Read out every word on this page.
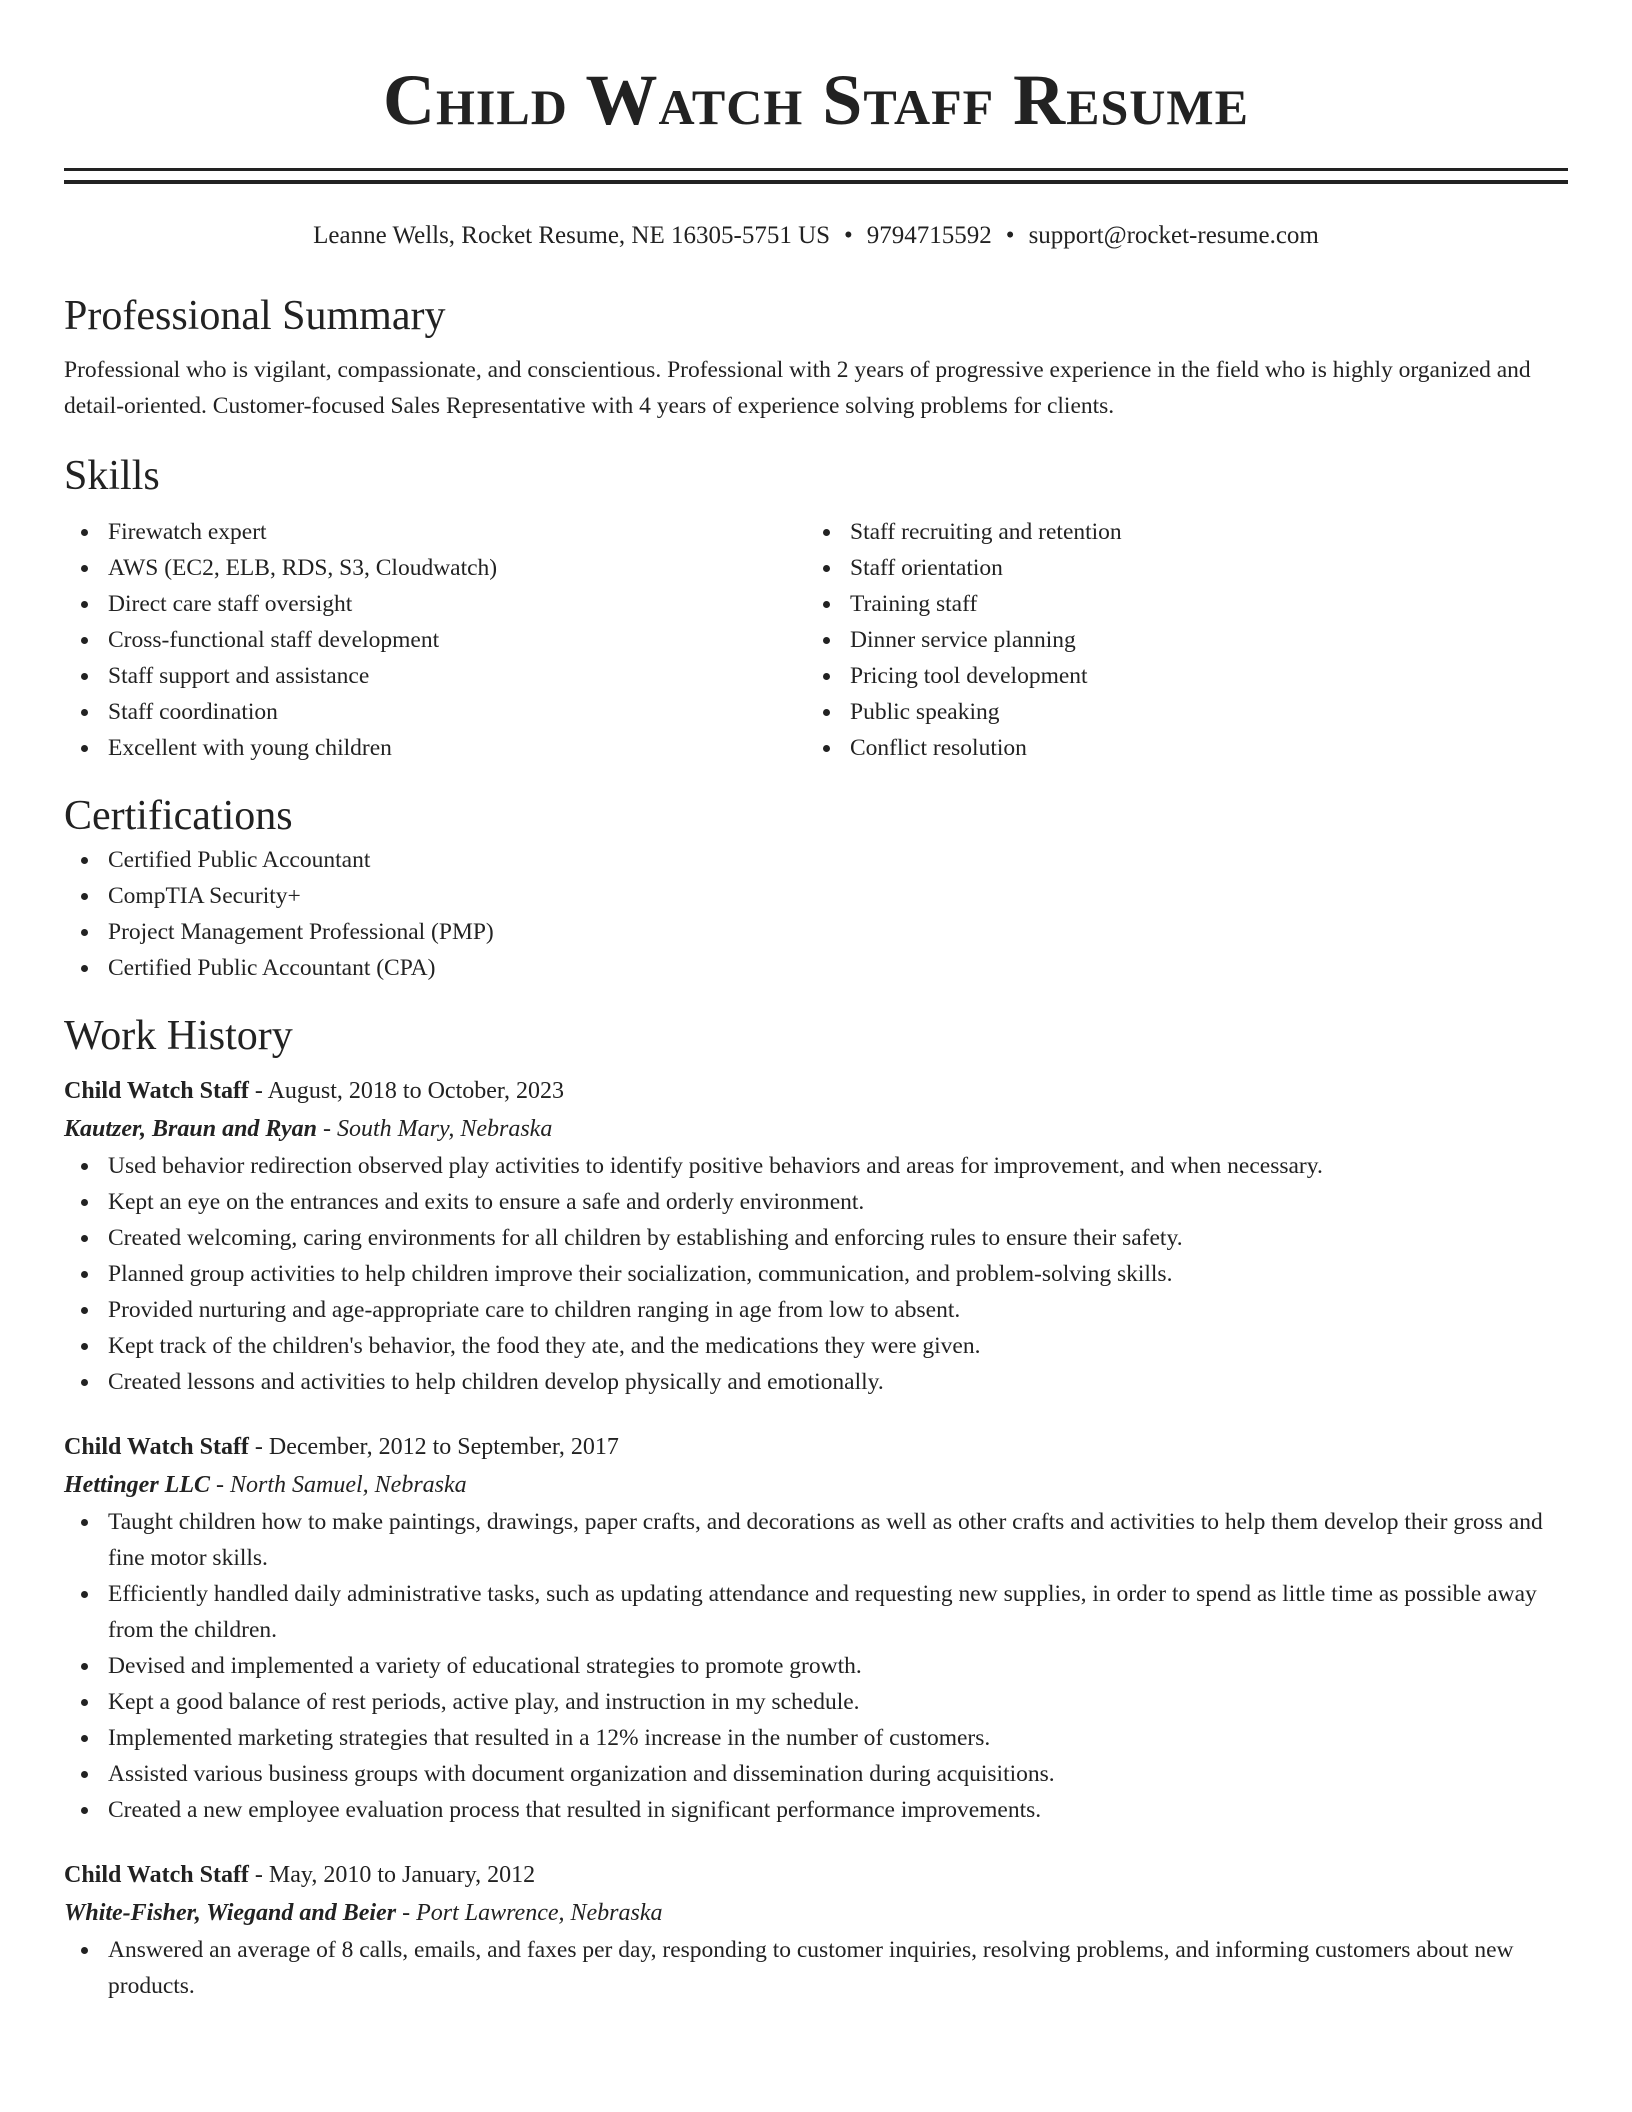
Child Watch Staff Resume
Leanne Wells, Rocket Resume, NE 16305-5751 US • 9794715592 • support@rocket-resume.com
Professional Summary

Professional who is vigilant, compassionate, and conscientious. Professional with 2 years of progressive experience in the field who is highly organized and detail-oriented. Customer-focused Sales Representative with 4 years of experience solving problems for clients.

Skills
Firewatch expert
AWS (EC2, ELB, RDS, S3, Cloudwatch)
Direct care staff oversight
Cross-functional staff development
Staff support and assistance
Staff coordination
Excellent with young children
Staff recruiting and retention
Staff orientation
Training staff
Dinner service planning
Pricing tool development
Public speaking
Conflict resolution
Certifications
Certified Public Accountant
CompTIA Security+
Project Management Professional (PMP)
Certified Public Accountant (CPA)
Work History
Child Watch Staff - August, 2018 to October, 2023
Kautzer, Braun and Ryan - South Mary, Nebraska
Used behavior redirection observed play activities to identify positive behaviors and areas for improvement, and when necessary.
Kept an eye on the entrances and exits to ensure a safe and orderly environment.
Created welcoming, caring environments for all children by establishing and enforcing rules to ensure their safety.
Planned group activities to help children improve their socialization, communication, and problem-solving skills.
Provided nurturing and age-appropriate care to children ranging in age from low to absent.
Kept track of the children's behavior, the food they ate, and the medications they were given.
Created lessons and activities to help children develop physically and emotionally.
Child Watch Staff - December, 2012 to September, 2017
Hettinger LLC - North Samuel, Nebraska
Taught children how to make paintings, drawings, paper crafts, and decorations as well as other crafts and activities to help them develop their gross and fine motor skills.
Efficiently handled daily administrative tasks, such as updating attendance and requesting new supplies, in order to spend as little time as possible away from the children.
Devised and implemented a variety of educational strategies to promote growth.
Kept a good balance of rest periods, active play, and instruction in my schedule.
Implemented marketing strategies that resulted in a 12% increase in the number of customers.
Assisted various business groups with document organization and dissemination during acquisitions.
Created a new employee evaluation process that resulted in significant performance improvements.
Child Watch Staff - May, 2010 to January, 2012
White-Fisher, Wiegand and Beier - Port Lawrence, Nebraska
Answered an average of 8 calls, emails, and faxes per day, responding to customer inquiries, resolving problems, and informing customers about new products.
